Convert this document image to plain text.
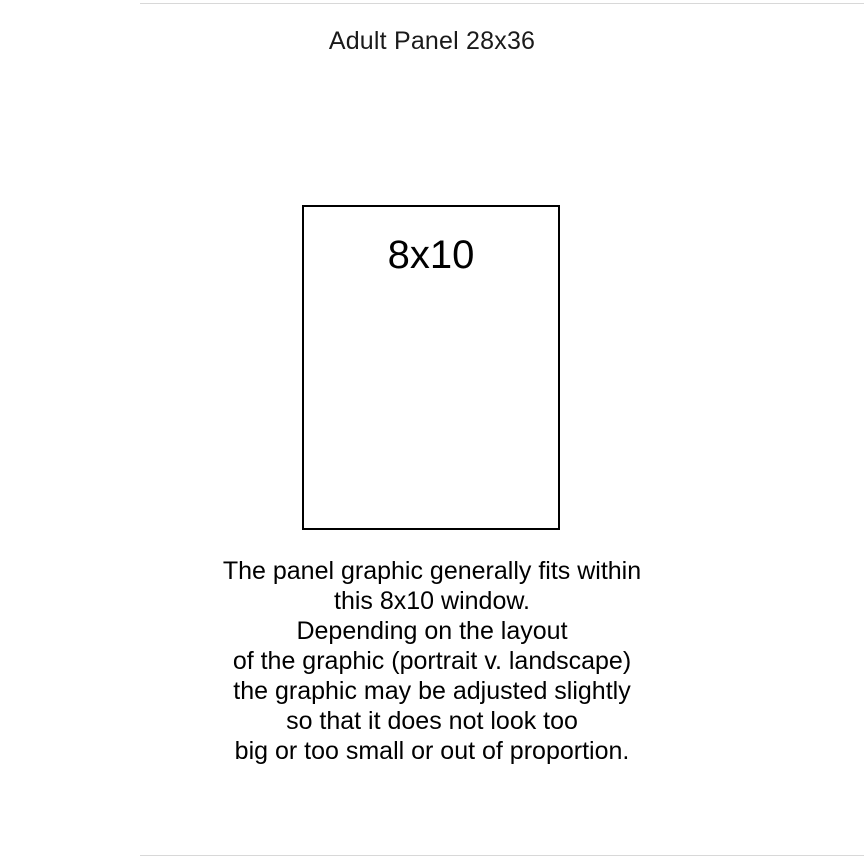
Adult Panel 28x36
8x10
The panel graphic generally fits within
this 8x10 window.
Depending on the layout
of the graphic (portrait v. landscape)
the graphic may be adjusted slightly
so that it does not look too
big or too small or out of proportion.
